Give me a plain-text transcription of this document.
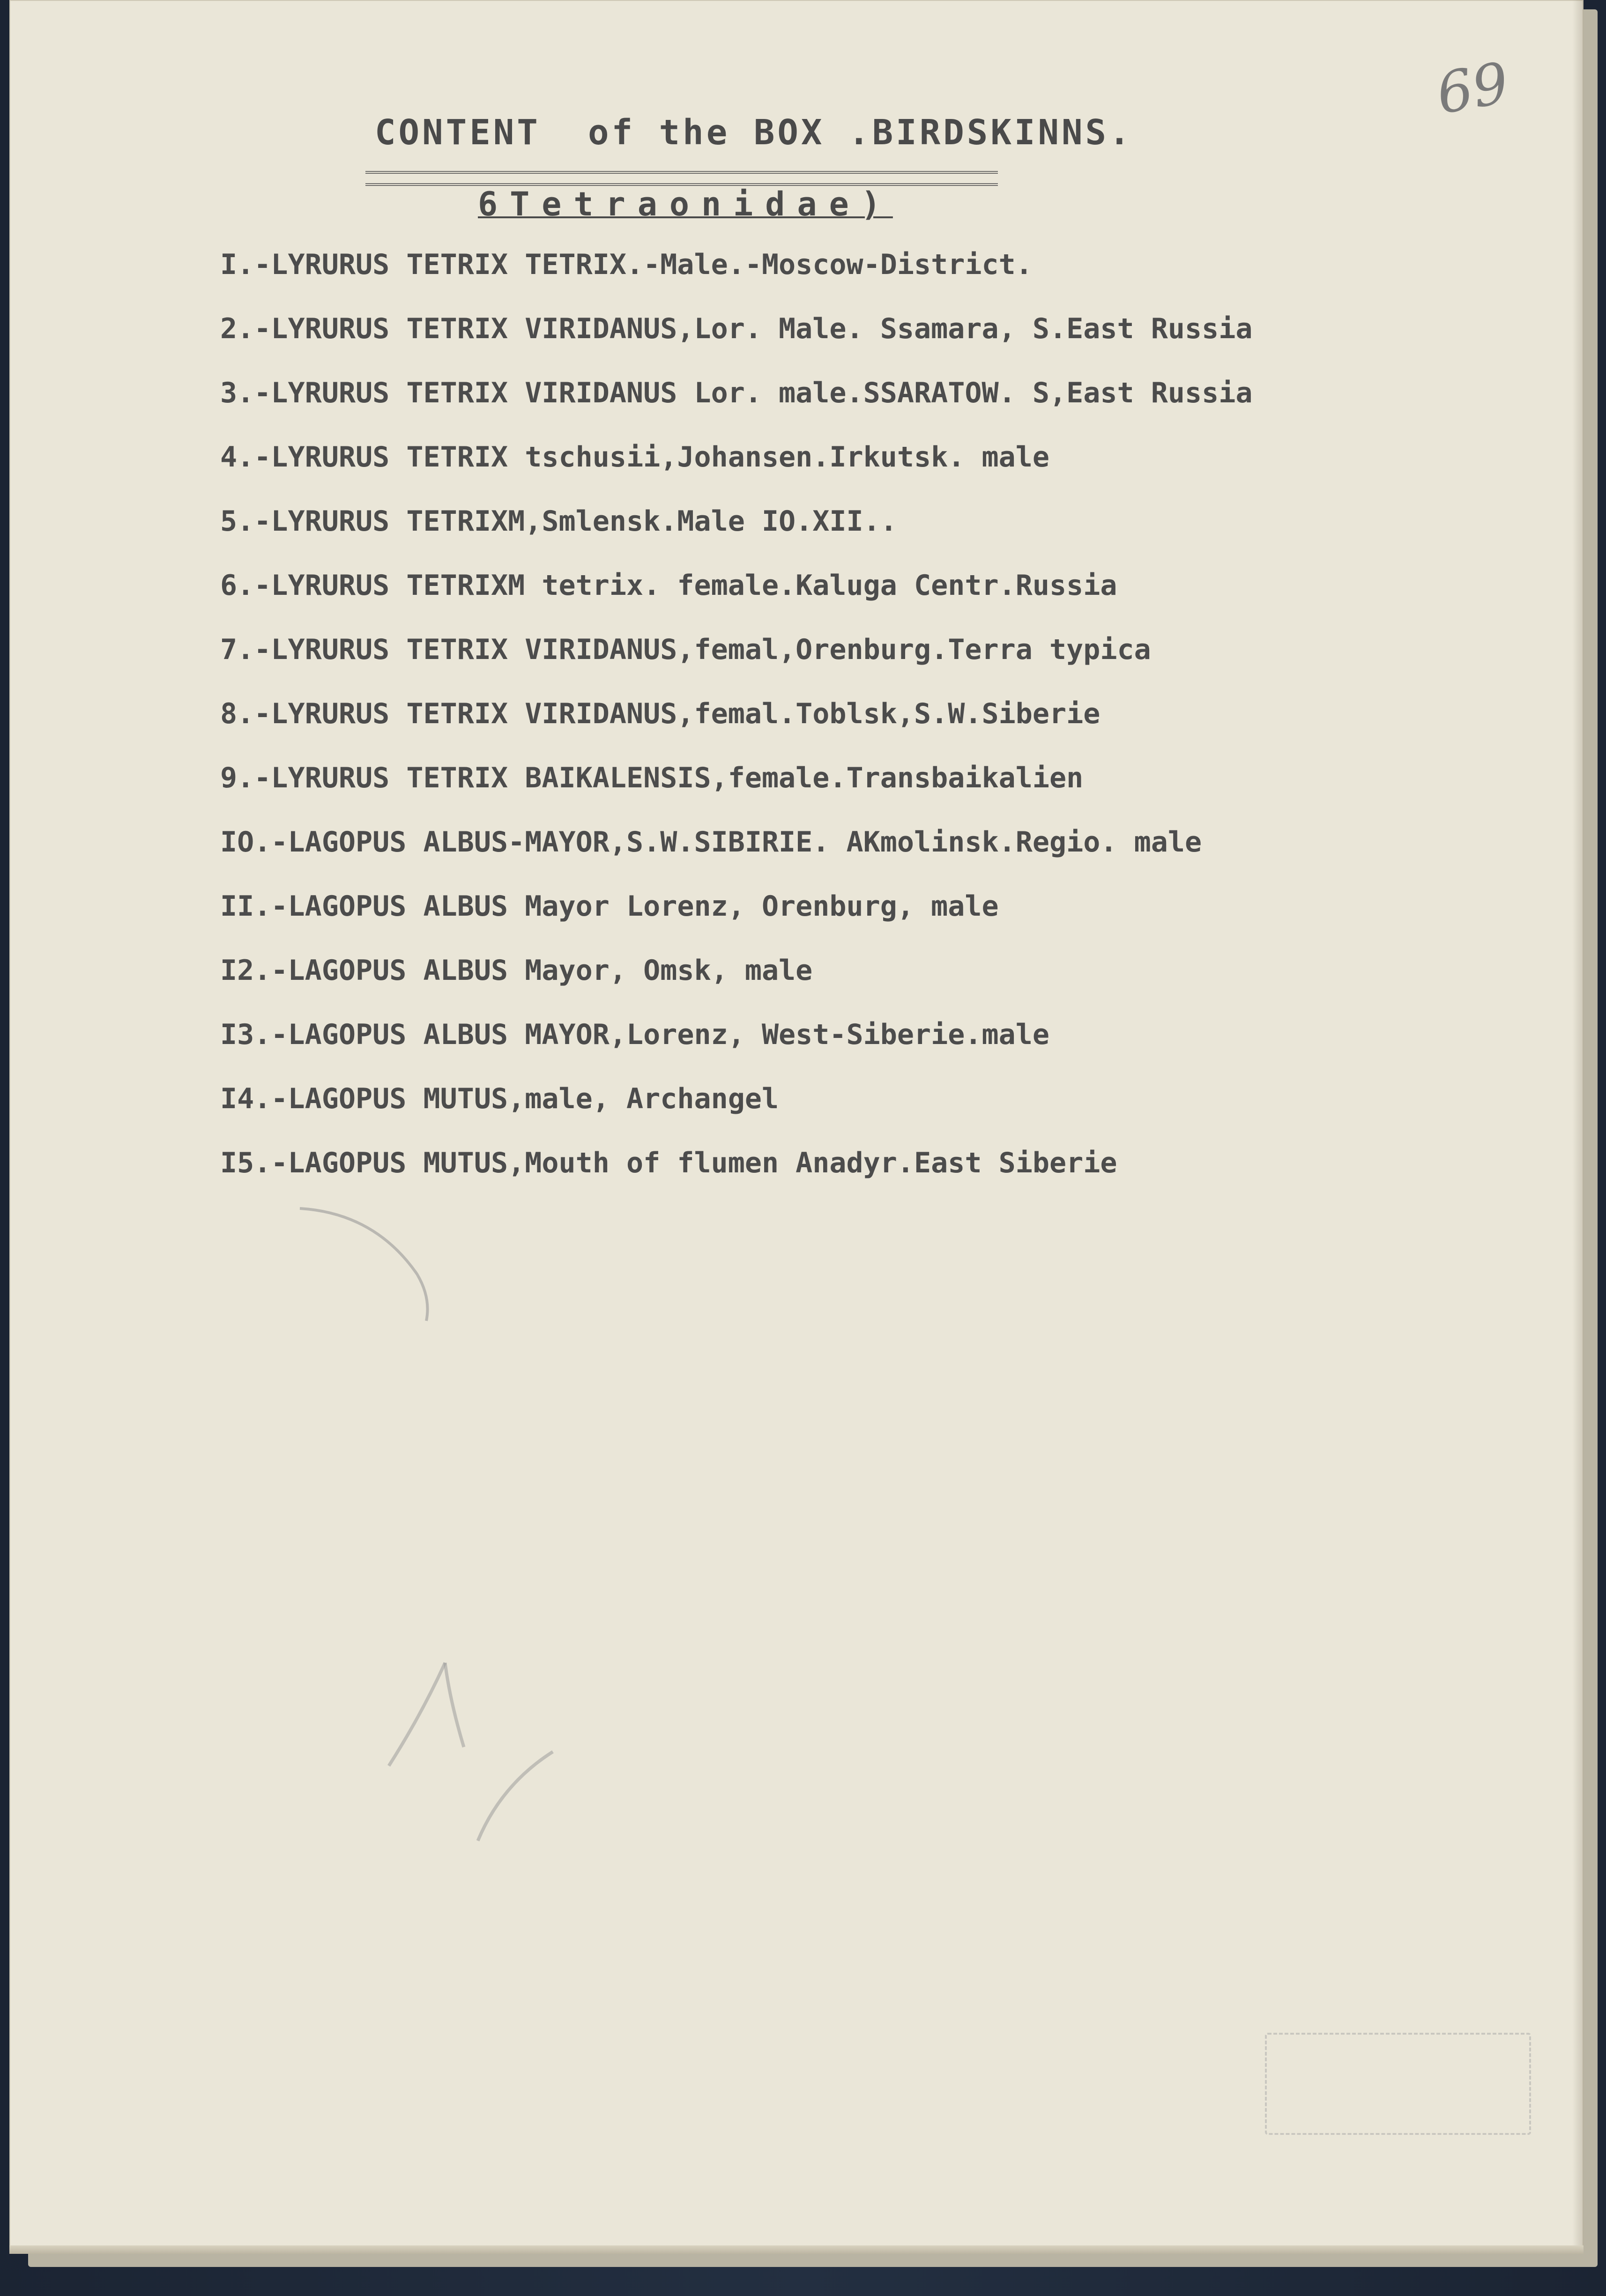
CONTENT  of the BOX .BIRDSKINNS.
6Tetraonidae)
69
I.-LYRURUS TETRIX TETRIX.-Male.-Moscow-District.
2.-LYRURUS TETRIX VIRIDANUS,Lor. Male. Ssamara, S.East Russia
3.-LYRURUS TETRIX VIRIDANUS Lor. male.SSARATOW. S,East Russia
4.-LYRURUS TETRIX tschusii,Johansen.Irkutsk. male
5.-LYRURUS TETRIXM,Smlensk.Male IO.XII..
6.-LYRURUS TETRIXM tetrix. female.Kaluga Centr.Russia
7.-LYRURUS TETRIX VIRIDANUS,femal,Orenburg.Terra typica
8.-LYRURUS TETRIX VIRIDANUS,femal.Toblsk,S.W.Siberie
9.-LYRURUS TETRIX BAIKALENSIS,female.Transbaikalien
IO.-LAGOPUS ALBUS-MAYOR,S.W.SIBIRIE. AKmolinsk.Regio. male
II.-LAGOPUS ALBUS Mayor Lorenz, Orenburg, male
I2.-LAGOPUS ALBUS Mayor, Omsk, male
I3.-LAGOPUS ALBUS MAYOR,Lorenz, West-Siberie.male
I4.-LAGOPUS MUTUS,male, Archangel
I5.-LAGOPUS MUTUS,Mouth of flumen Anadyr.East Siberie
